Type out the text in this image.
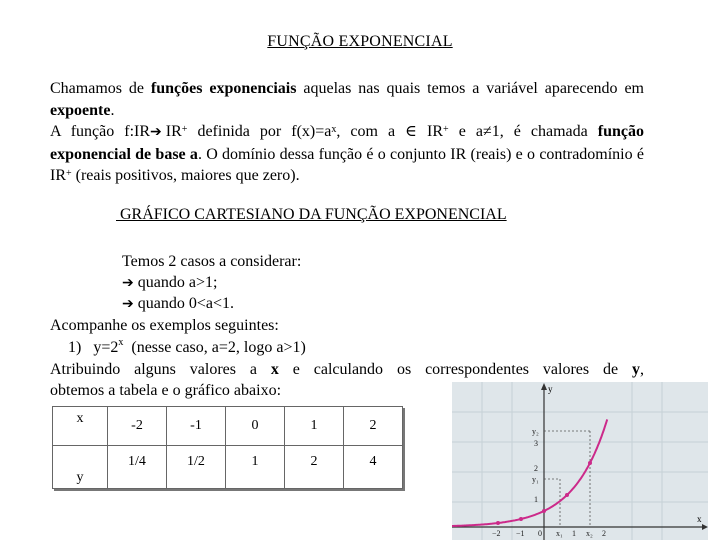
FUNÇÃO EXPONENCIAL
Chamamos de funções exponenciais aquelas nas quais temos a variável aparecendo em expoente.
A função f:IR➔ IR+ definida por $f(x)=a^x$, com a ∈ IR+ e a≠1, é chamada função exponencial de base a. O domínio dessa função é o conjunto IR (reais) e o contradomínio é IR+ (reais positivos, maiores que zero).
GRÁFICO CARTESIANO DA FUNÇÃO EXPONENCIAL
Temos 2 casos a considerar:
➔ quando a>1;
➔ quando 0<a<1.
Acompanhe os exemplos seguintes:
1) $y=2^x$ (nesse caso, a=2, logo a>1)
Atribuindo alguns valores a x e calculando os correspondentes valores de y,
obtemos a tabela e o gráfico abaixo:
x	-2	-1	0	1	2
y	1/4	1/2	1	2	4
y
x
y₂
3
2
y₁
1
−2 −1 0 x₁ 1 x₂ 2
